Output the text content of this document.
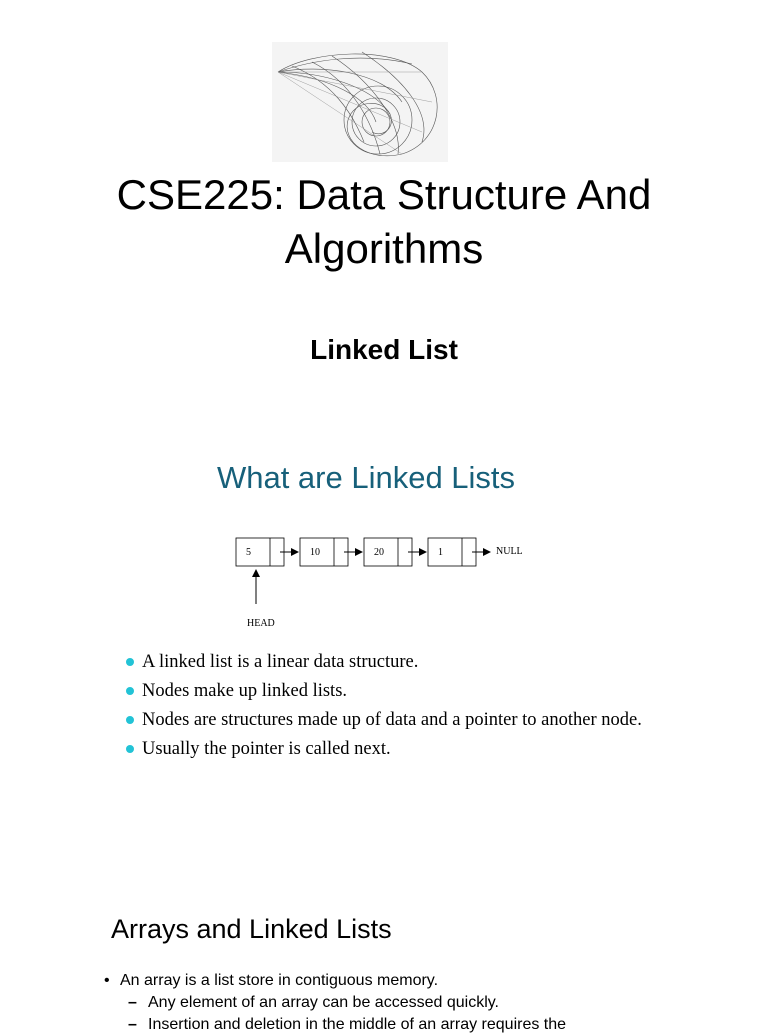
CSE225: Data Structure And Algorithms
Linked List
What are Linked Lists
5	10	20	1	NULL
HEAD
A linked list is a linear data structure.
Nodes make up linked lists.
Nodes are structures made up of data and a pointer to another node.
Usually the pointer is called next.
Arrays and Linked Lists
• An array is a list store in contiguous memory.
– Any element of an array can be accessed quickly.
– Insertion and deletion in the middle of an array requires the
